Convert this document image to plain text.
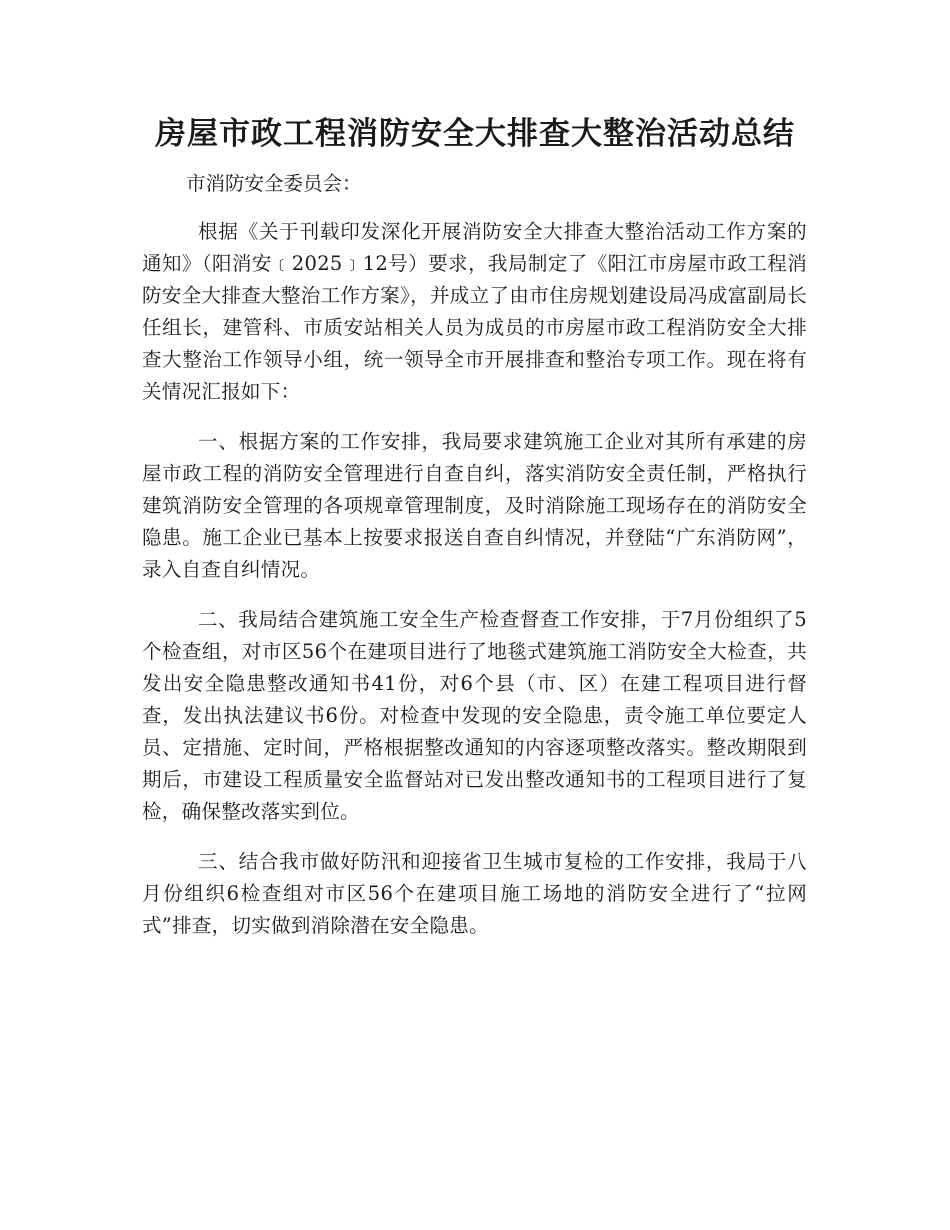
房屋市政工程消防安全大排查大整治活动总结

市消防安全委员会：

根据《关于刊载印发深化开展消防安全大排查大整治活动工作方案的通知》（阳消安﹝2025﹞12号）要求，我局制定了《阳江市房屋市政工程消防安全大排查大整治工作方案》，并成立了由市住房规划建设局冯成富副局长任组长，建管科、市质安站相关人员为成员的市房屋市政工程消防安全大排查大整治工作领导小组，统一领导全市开展排查和整治专项工作。现在将有关情况汇报如下：

一、根据方案的工作安排，我局要求建筑施工企业对其所有承建的房屋市政工程的消防安全管理进行自查自纠，落实消防安全责任制，严格执行建筑消防安全管理的各项规章管理制度，及时消除施工现场存在的消防安全隐患。施工企业已基本上按要求报送自查自纠情况，并登陆“广东消防网”，录入自查自纠情况。

二、我局结合建筑施工安全生产检查督查工作安排，于7月份组织了5个检查组，对市区56个在建项目进行了地毯式建筑施工消防安全大检查，共发出安全隐患整改通知书41份，对6个县（市、区）在建工程项目进行督查，发出执法建议书6份。对检查中发现的安全隐患，责令施工单位要定人员、定措施、定时间，严格根据整改通知的内容逐项整改落实。整改期限到期后，市建设工程质量安全监督站对已发出整改通知书的工程项目进行了复检，确保整改落实到位。

三、结合我市做好防汛和迎接省卫生城市复检的工作安排，我局于八月份组织6检查组对市区56个在建项目施工场地的消防安全进行了“拉网式”排查，切实做到消除潜在安全隐患。
